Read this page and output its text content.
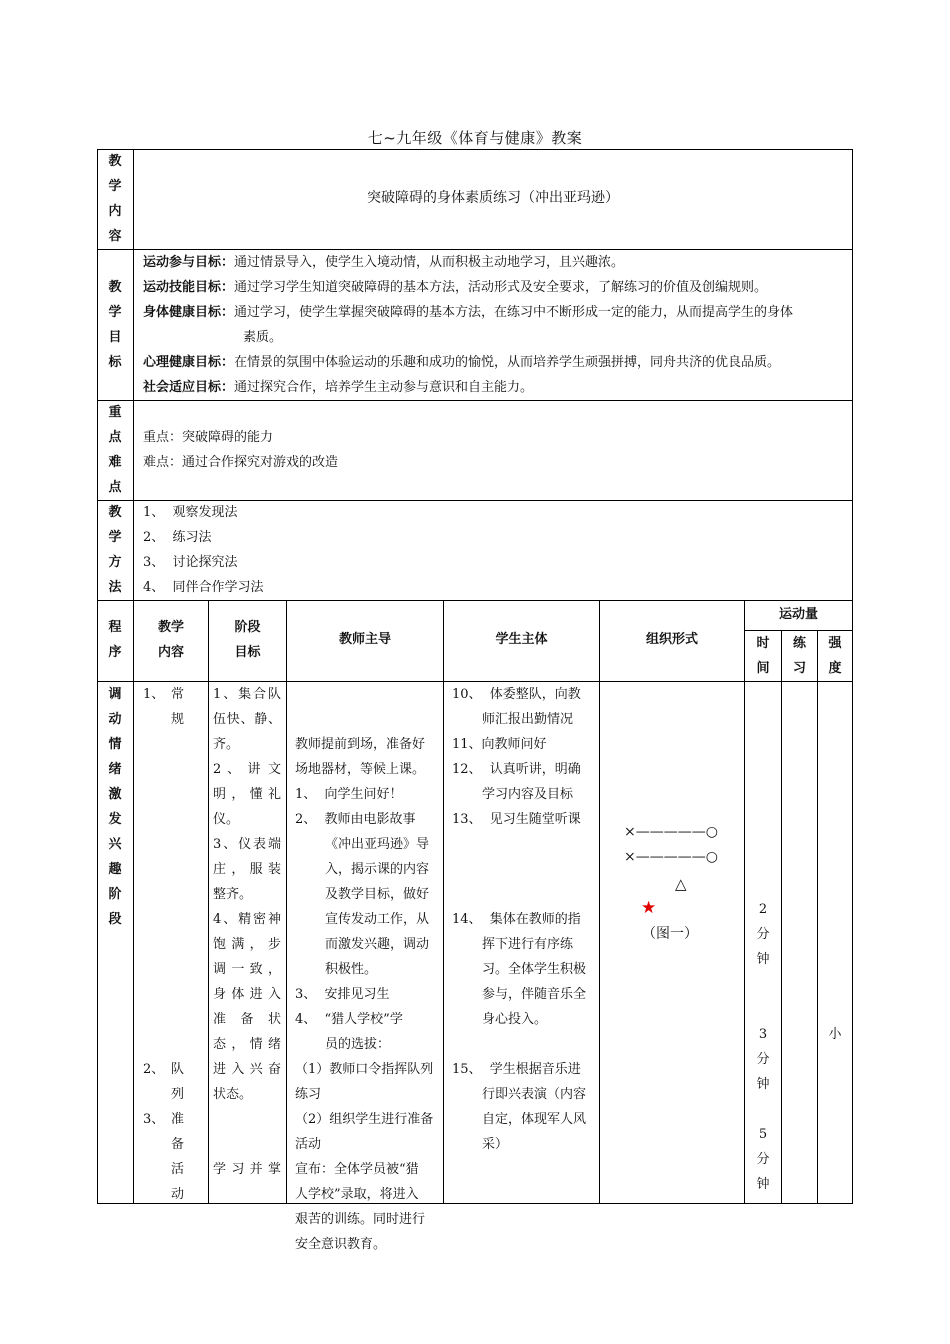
七~九年级《体育与健康》教案
教
学
内
容
突破障碍的身体素质练习（冲出亚玛逊）
教
学
目
标
运动参与目标：通过情景导入，使学生入境动情，从而积极主动地学习，且兴趣浓。
运动技能目标：通过学习学生知道突破障碍的基本方法，活动形式及安全要求，了解练习的价值及创编规则。
身体健康目标：通过学习，使学生掌握突破障碍的基本方法，在练习中不断形成一定的能力，从而提高学生的身体
素质。
心理健康目标：在情景的氛围中体验运动的乐趣和成功的愉悦，从而培养学生顽强拼搏，同舟共济的优良品质。
社会适应目标：通过探究合作，培养学生主动参与意识和自主能力。
重
点
难
点
重点：突破障碍的能力
难点：通过合作探究对游戏的改造
教
学
方
法
1、  观察发现法
2、  练习法
3、  讨论探究法
4、  同伴合作学习法
程
序
教学
内容
阶段
目标
教师主导	学生主体	组织形式
运动量
时
间
练
习
强
度
调
动
情
绪
激
发
兴
趣
阶
段
1、 常
规
2、 队
列
3、 准
备
活
动
1、集合队
伍快、静、
齐。
2 、 讲 文
明 ， 懂 礼
仪。
3、仪表端
庄 ， 服 装
整齐。
4、精密神
饱 满 ， 步
调 一 致 ，
身 体 进 入
准 备 状
态 ， 情 绪
进入兴奋
状态。
学 习 并 掌

教师提前到场，准备好
场地器材，等候上课。
1、  向学生问好！
2、  教师由电影故事
《冲出亚玛逊》导
入，揭示课的内容
及教学目标，做好
宣传发动工作，从
而激发兴趣，调动
积极性。
3、  安排见习生
4、  “猎人学校”学
员的选拔：
（1）教师口令指挥队列
练习
（2）组织学生进行准备
活动
宣布：全体学员被“猎
人学校”录取，将进入
艰苦的训练。同时进行
安全意识教育。

10、  体委整队，向教
师汇报出勤情况
11、向教师问好
12、  认真听讲，明确
学习内容及目标
13、  见习生随堂听课
14、  集体在教师的指
挥下进行有序练
习。全体学生积极
参与，伴随音乐全
身心投入。
15、  学生根据音乐进
行即兴表演（内容
自定，体现军人风
采）
×—————○
×—————○
△
★
（图一）
2
分
钟
3
分
钟
5
分
钟
小
